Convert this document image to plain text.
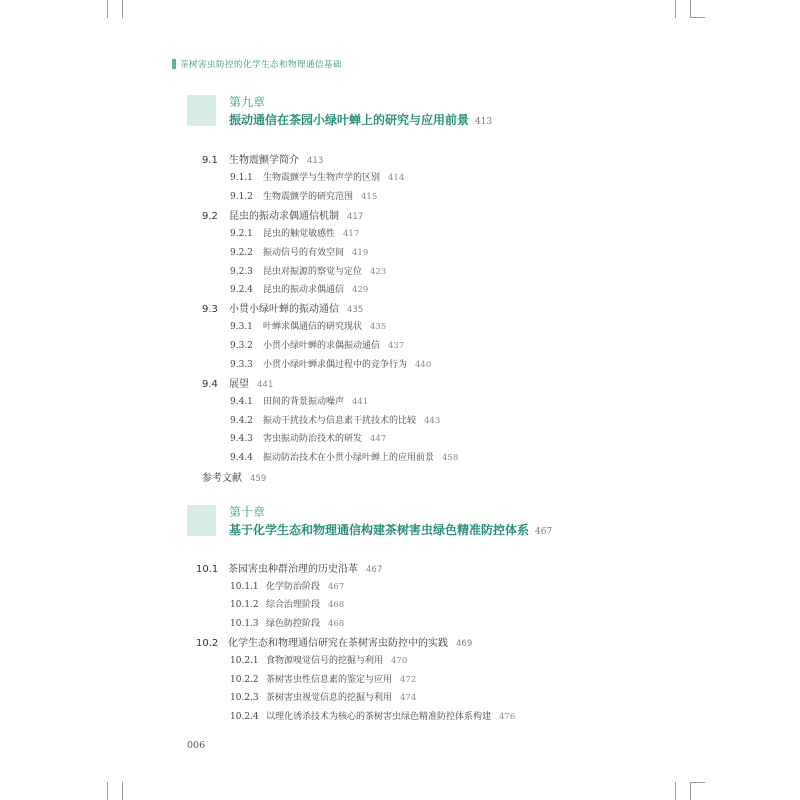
茶树害虫防控的化学生态和物理通信基础
第九章
振动通信在茶园小绿叶蝉上的研究与应用前景 413
9.1 生物震颤学简介 413
9.1.1 生物震颤学与生物声学的区别 414
9.1.2 生物震颤学的研究范围 415
9.2 昆虫的振动求偶通信机制 417
9.2.1 昆虫的触觉敏感性 417
9.2.2 振动信号的有效空间 419
9.2.3 昆虫对振源的察觉与定位 423
9.2.4 昆虫的振动求偶通信 429
9.3 小贯小绿叶蝉的振动通信 435
9.3.1 叶蝉求偶通信的研究现状 435
9.3.2 小贯小绿叶蝉的求偶振动通信 437
9.3.3 小贯小绿叶蝉求偶过程中的竞争行为 440
9.4 展望 441
9.4.1 田间的背景振动噪声 441
9.4.2 振动干扰技术与信息素干扰技术的比较 443
9.4.3 害虫振动防治技术的研发 447
9.4.4 振动防治技术在小贯小绿叶蝉上的应用前景 458
参考文献 459
第十章
基于化学生态和物理通信构建茶树害虫绿色精准防控体系 467
10.1 茶园害虫种群治理的历史沿革 467
10.1.1 化学防治阶段 467
10.1.2 综合治理阶段 468
10.1.3 绿色防控阶段 468
10.2 化学生态和物理通信研究在茶树害虫防控中的实践 469
10.2.1 食物源嗅觉信号的挖掘与利用 470
10.2.2 茶树害虫性信息素的鉴定与应用 472
10.2.3 茶树害虫视觉信息的挖掘与利用 474
10.2.4 以理化诱杀技术为核心的茶树害虫绿色精准防控体系构建 476
006
